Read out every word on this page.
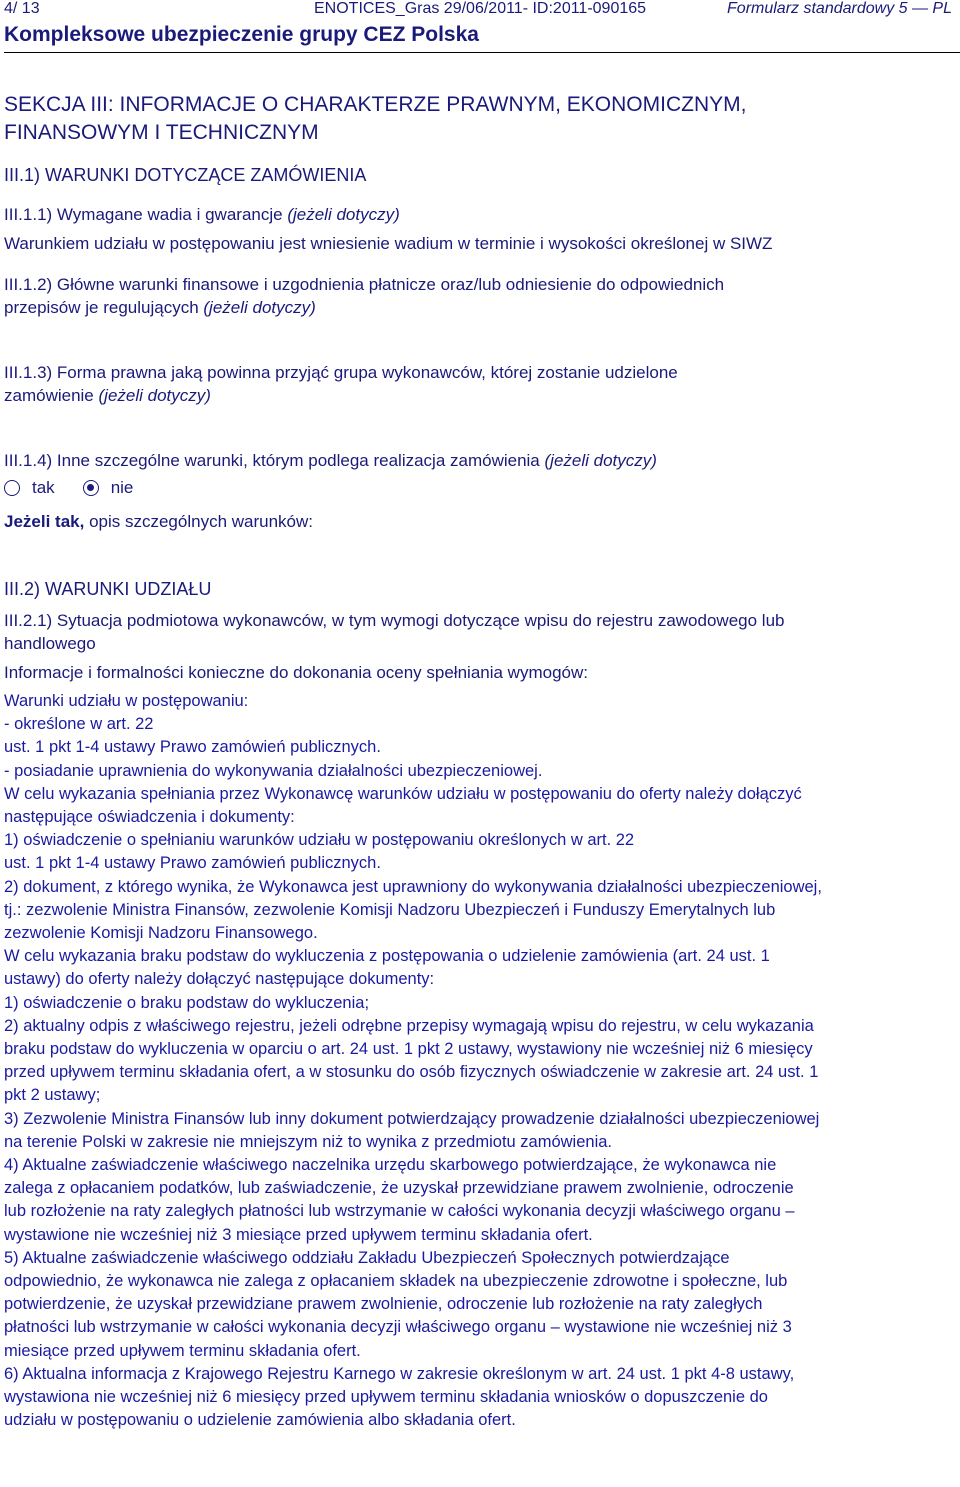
4/ 13	ENOTICES_Gras 29/06/2011- ID:2011-090165	Formularz standardowy 5 — PL
Kompleksowe ubezpieczenie grupy CEZ Polska
SEKCJA III: INFORMACJE O CHARAKTERZE PRAWNYM, EKONOMICZNYM,
FINANSOWYM I TECHNICZNYM
III.1) WARUNKI DOTYCZĄCE ZAMÓWIENIA
III.1.1) Wymagane wadia i gwarancje (jeżeli dotyczy)
Warunkiem udziału w postępowaniu jest wniesienie wadium w terminie i wysokości określonej w SIWZ
III.1.2) Główne warunki finansowe i uzgodnienia płatnicze oraz/lub odniesienie do odpowiednich
przepisów je regulujących (jeżeli dotyczy)
III.1.3) Forma prawna jaką powinna przyjąć grupa wykonawców, której zostanie udzielone
zamówienie (jeżeli dotyczy)
III.1.4) Inne szczególne warunki, którym podlega realizacja zamówienia (jeżeli dotyczy)
tak	nie
Jeżeli tak, opis szczególnych warunków:
III.2) WARUNKI UDZIAŁU
III.2.1) Sytuacja podmiotowa wykonawców, w tym wymogi dotyczące wpisu do rejestru zawodowego lub
handlowego
Informacje i formalności konieczne do dokonania oceny spełniania wymogów:
Warunki udziału w postępowaniu:
- określone w art. 22
ust. 1 pkt 1-4 ustawy Prawo zamówień publicznych.
- posiadanie uprawnienia do wykonywania działalności ubezpieczeniowej.
W celu wykazania spełniania przez Wykonawcę warunków udziału w postępowaniu do oferty należy dołączyć
następujące oświadczenia i dokumenty:
1) oświadczenie o spełnianiu warunków udziału w postępowaniu określonych w art. 22
ust. 1 pkt 1-4 ustawy Prawo zamówień publicznych.
2) dokument, z którego wynika, że Wykonawca jest uprawniony do wykonywania działalności ubezpieczeniowej,
tj.: zezwolenie Ministra Finansów, zezwolenie Komisji Nadzoru Ubezpieczeń i Funduszy Emerytalnych lub
zezwolenie Komisji Nadzoru Finansowego.
W celu wykazania braku podstaw do wykluczenia z postępowania o udzielenie zamówienia (art. 24 ust. 1
ustawy) do oferty należy dołączyć następujące dokumenty:
1) oświadczenie o braku podstaw do wykluczenia;
2) aktualny odpis z właściwego rejestru, jeżeli odrębne przepisy wymagają wpisu do rejestru, w celu wykazania
braku podstaw do wykluczenia w oparciu o art. 24 ust. 1 pkt 2 ustawy, wystawiony nie wcześniej niż 6 miesięcy
przed upływem terminu składania ofert, a w stosunku do osób fizycznych oświadczenie w zakresie art. 24 ust. 1
pkt 2 ustawy;
3) Zezwolenie Ministra Finansów lub inny dokument potwierdzający prowadzenie działalności ubezpieczeniowej
na terenie Polski w zakresie nie mniejszym niż to wynika z przedmiotu zamówienia.
4) Aktualne zaświadczenie właściwego naczelnika urzędu skarbowego potwierdzające, że wykonawca nie
zalega z opłacaniem podatków, lub zaświadczenie, że uzyskał przewidziane prawem zwolnienie, odroczenie
lub rozłożenie na raty zaległych płatności lub wstrzymanie w całości wykonania decyzji właściwego organu –
wystawione nie wcześniej niż 3 miesiące przed upływem terminu składania ofert.
5) Aktualne zaświadczenie właściwego oddziału Zakładu Ubezpieczeń Społecznych potwierdzające
odpowiednio, że wykonawca nie zalega z opłacaniem składek na ubezpieczenie zdrowotne i społeczne, lub
potwierdzenie, że uzyskał przewidziane prawem zwolnienie, odroczenie lub rozłożenie na raty zaległych
płatności lub wstrzymanie w całości wykonania decyzji właściwego organu – wystawione nie wcześniej niż 3
miesiące przed upływem terminu składania ofert.
6) Aktualna informacja z Krajowego Rejestru Karnego w zakresie określonym w art. 24 ust. 1 pkt 4-8 ustawy,
wystawiona nie wcześniej niż 6 miesięcy przed upływem terminu składania wniosków o dopuszczenie do
udziału w postępowaniu o udzielenie zamówienia albo składania ofert.
